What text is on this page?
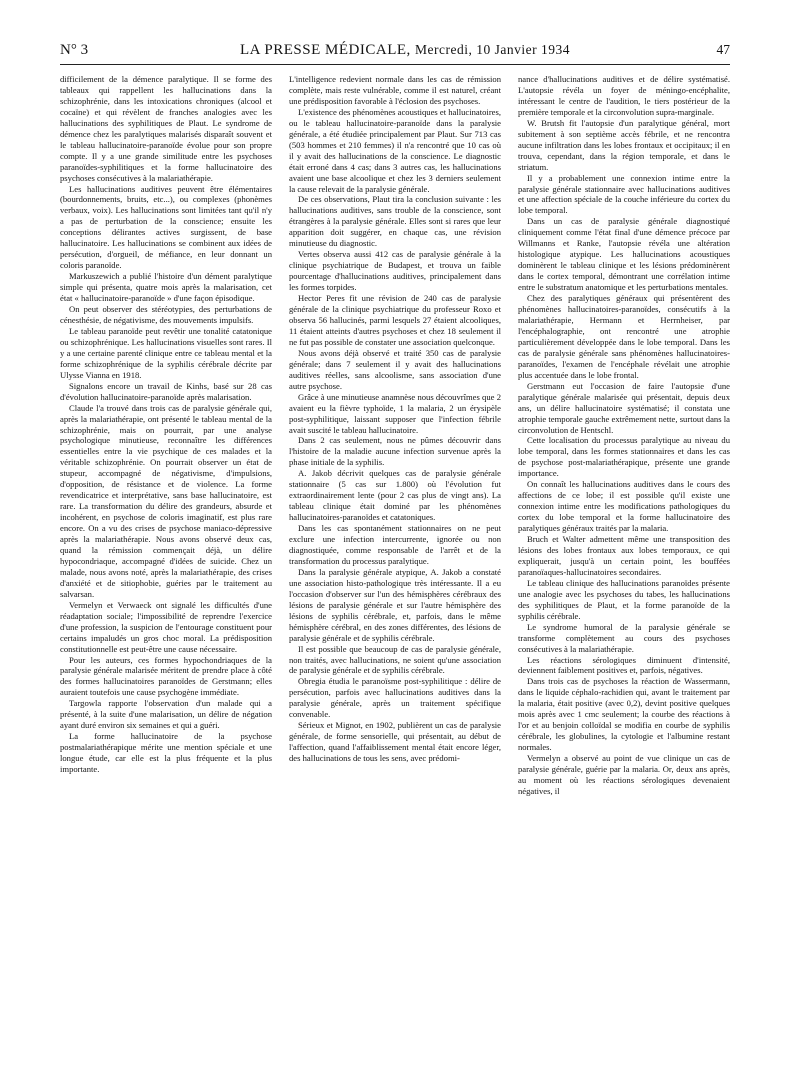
N° 3	LA PRESSE MÉDICALE, Mercredi, 10 Janvier 1934	47

difficilement de la démence paralytique. Il se forme des tableaux qui rappellent les hallucinations dans la schizophrénie, dans les intoxications chroniques (alcool et cocaïne) et qui révèlent de franches analogies avec les hallucinations des syphilitiques de Plaut. Le syndrome de démence chez les paralytiques malarisés disparaît souvent et le tableau hallucinatoire-paranoïde évolue pour son propre compte. Il y a une grande similitude entre les psychoses paranoïdes-syphilitiques et la forme hallucinatoire des psychoses consécutives à la malariathérapie.

Les hallucinations auditives peuvent être élémentaires (bourdonnements, bruits, etc...), ou complexes (phonèmes verbaux, voix). Les hallucinations sont limitées tant qu'il n'y a pas de perturbation de la conscience; ensuite les conceptions délirantes actives surgissent, de base hallucinatoire. Les hallucinations se combinent aux idées de persécution, d'orgueil, de méfiance, en leur donnant un coloris paranoïde.

Markuszewich a publié l'histoire d'un dément paralytique simple qui présenta, quatre mois après la malarisation, cet état « hallucinatoire-paranoïde » d'une façon épisodique.

On peut observer des stéréotypies, des perturbations de cénesthésie, de négativisme, des mouvements impulsifs.

Le tableau paranoïde peut revêtir une tonalité catatonique ou schizophrénique. Les hallucinations visuelles sont rares. Il y a une certaine parenté clinique entre ce tableau mental et la forme schizophrénique de la syphilis cérébrale décrite par Ulysse Vianna en 1918.

Signalons encore un travail de Kinhs, basé sur 28 cas d'évolution hallucinatoire-paranoïde après malarisation.

Claude l'a trouvé dans trois cas de paralysie générale qui, après la malariathérapie, ont présenté le tableau mental de la schizophrénie, mais on pourrait, par une analyse psychologique minutieuse, reconnaître les différences essentielles entre la vie psychique de ces malades et la véritable schizophrénie. On pourrait observer un état de stupeur, accompagné de négativisme, d'impulsions, d'opposition, de résistance et de violence. La forme revendicatrice et interprétative, sans base hallucinatoire, est rare. La transformation du délire des grandeurs, absurde et incohérent, en psychose de coloris imaginatif, est plus rare encore. On a vu des crises de psychose maniaco-dépressive après la malariathérapie. Nous avons observé deux cas, quand la rémission commençait déjà, un délire hypocondriaque, accompagné d'idées de suicide. Chez un malade, nous avons noté, après la malariathérapie, des crises d'anxiété et de sitiophobie, guéries par le traitement au salvarsan.

Vermelyn et Verwaeck ont signalé les difficultés d'une réadaptation sociale; l'impossibilité de reprendre l'exercice d'une profession, la suspicion de l'entourage constituent pour certains impaludés un gros choc moral. La prédisposition constitutionnelle est peut-être une cause nécessaire.

Pour les auteurs, ces formes hypochondriaques de la paralysie générale malarisée méritent de prendre place à côté des formes hallucinatoires paranoïdes de Gerstmann; elles auraient toutefois une cause psychogène immédiate.

Targowla rapporte l'observation d'un malade qui a présenté, à la suite d'une malarisation, un délire de négation ayant duré environ six semaines et qui a guéri.

La forme hallucinatoire de la psychose postmalariathérapique mérite une mention spéciale et une longue étude, car elle est la plus fréquente et la plus importante.

L'intelligence redevient normale dans les cas de rémission complète, mais reste vulnérable, comme il est naturel, créant une prédisposition favorable à l'éclosion des psychoses.

L'existence des phénomènes acoustiques et hallucinatoires, ou le tableau hallucinatoire-paranoïde dans la paralysie générale, a été étudiée principalement par Plaut. Sur 713 cas (503 hommes et 210 femmes) il n'a rencontré que 10 cas où il y avait des hallucinations de la conscience. Le diagnostic était erroné dans 4 cas; dans 3 autres cas, les hallucinations avaient une base alcoolique et chez les 3 derniers seulement la cause relevait de la paralysie générale.

De ces observations, Plaut tira la conclusion suivante : les hallucinations auditives, sans trouble de la conscience, sont étrangères à la paralysie générale. Elles sont si rares que leur apparition doit suggérer, en chaque cas, une révision minutieuse du diagnostic.

Vertes observa aussi 412 cas de paralysie générale à la clinique psychiatrique de Budapest, et trouva un faible pourcentage d'hallucinations auditives, principalement dans les formes torpides.

Hector Peres fit une révision de 240 cas de paralysie générale de la clinique psychiatrique du professeur Roxo et observa 56 hallucinés, parmi lesquels 27 étaient alcooliques, 11 étaient atteints d'autres psychoses et chez 18 seulement il ne fut pas possible de constater une association quelconque.

Nous avons déjà observé et traité 350 cas de paralysie générale; dans 7 seulement il y avait des hallucinations auditives réelles, sans alcoolisme, sans association d'une autre psychose.

Grâce à une minutieuse anamnèse nous découvrîmes que 2 avaient eu la fièvre typhoïde, 1 la malaria, 2 un érysipèle post-syphilitique, laissant supposer que l'infection fébrile avait suscité le tableau hallucinatoire.

Dans 2 cas seulement, nous ne pûmes découvrir dans l'histoire de la maladie aucune infection survenue après la phase initiale de la syphilis.

A. Jakob décrivit quelques cas de paralysie générale stationnaire (5 cas sur 1.800) où l'évolution fut extraordinairement lente (pour 2 cas plus de vingt ans). La tableau clinique était dominé par les phénomènes hallucinatoires-paranoïdes et catatoniques.

Dans les cas spontanément stationnaires on ne peut exclure une infection intercurrente, ignorée ou non diagnostiquée, comme responsable de l'arrêt et de la transformation du processus paralytique.

Dans la paralysie générale atypique, A. Jakob a constaté une association histo-pathologique très intéressante. Il a eu l'occasion d'observer sur l'un des hémisphères cérébraux des lésions de paralysie générale et sur l'autre hémisphère des lésions de syphilis cérébrale, et, parfois, dans le même hémisphère cérébral, en des zones différentes, des lésions de paralysie générale et de syphilis cérébrale.

Il est possible que beaucoup de cas de paralysie générale, non traités, avec hallucinations, ne soient qu'une association de paralysie générale et de syphilis cérébrale.

Obregia étudia le paranoïsme post-syphilitique : délire de persécution, parfois avec hallucinations auditives dans la paralysie générale, après un traitement spécifique convenable.

Sérieux et Mignot, en 1902, publièrent un cas de paralysie générale, de forme sensorielle, qui présentait, au début de l'affection, quand l'affaiblissement mental était encore léger, des hallucinations de tous les sens, avec prédomi-

nance d'hallucinations auditives et de délire systématisé. L'autopsie révéla un foyer de méningo-encéphalite, intéressant le centre de l'audition, le tiers postérieur de la première temporale et la circonvolution supra-marginale.

W. Brutsh fit l'autopsie d'un paralytique général, mort subitement à son septième accès fébrile, et ne rencontra aucune infiltration dans les lobes frontaux et occipitaux; il en trouva, cependant, dans la région temporale, et dans le striatum.

Il y a probablement une connexion intime entre la paralysie générale stationnaire avec hallucinations auditives et une affection spéciale de la couche inférieure du cortex du lobe temporal.

Dans un cas de paralysie générale diagnostiqué cliniquement comme l'état final d'une démence précoce par Willmanns et Ranke, l'autopsie révéla une altération histologique atypique. Les hallucinations acoustiques dominèrent le tableau clinique et les lésions prédominèrent dans le cortex temporal, démontrant une corrélation intime entre le substratum anatomique et les perturbations mentales.

Chez des paralytiques généraux qui présentèrent des phénomènes hallucinatoires-paranoïdes, consécutifs à la malariathérapie, Hermann et Herrnheiser, par l'encéphalographie, ont rencontré une atrophie particulièrement développée dans le lobe temporal. Dans les cas de paralysie générale sans phénomènes hallucinatoires-paranoïdes, l'examen de l'encéphale révélait une atrophie plus accentuée dans le lobe frontal.

Gerstmann eut l'occasion de faire l'autopsie d'une paralytique générale malarisée qui présentait, depuis deux ans, un délire hallucinatoire systématisé; il constata une atrophie temporale gauche extrêmement nette, surtout dans la circonvolution de Hentschl.

Cette localisation du processus paralytique au niveau du lobe temporal, dans les formes stationnaires et dans les cas de psychose post-malariathérapique, présente une grande importance.

On connaît les hallucinations auditives dans le cours des affections de ce lobe; il est possible qu'il existe une connexion intime entre les modifications pathologiques du cortex du lobe temporal et la forme hallucinatoire des paralytiques généraux traités par la malaria.

Bruch et Walter admettent même une transposition des lésions des lobes frontaux aux lobes temporaux, ce qui expliquerait, jusqu'à un certain point, les bouffées paranoïaques-hallucinatoires secondaires.

Le tableau clinique des hallucinations paranoïdes présente une analogie avec les psychoses du tabes, les hallucinations des syphilitiques de Plaut, et la forme paranoïde de la syphilis cérébrale.

Le syndrome humoral de la paralysie générale se transforme complètement au cours des psychoses consécutives à la malariathérapie.

Les réactions sérologiques diminuent d'intensité, deviennent faiblement positives et, parfois, négatives.

Dans trois cas de psychoses la réaction de Wassermann, dans le liquide céphalo-rachidien qui, avant le traitement par la malaria, était positive (avec 0,2), devint positive quelques mois après avec 1 cmc seulement; la courbe des réactions à l'or et au benjoin colloïdal se modifia en courbe de syphilis cérébrale, les globulines, la cytologie et l'albumine restant normales.

Vermelyn a observé au point de vue clinique un cas de paralysie générale, guérie par la malaria. Or, deux ans après, au moment où les réactions sérologiques devenaient négatives, il
